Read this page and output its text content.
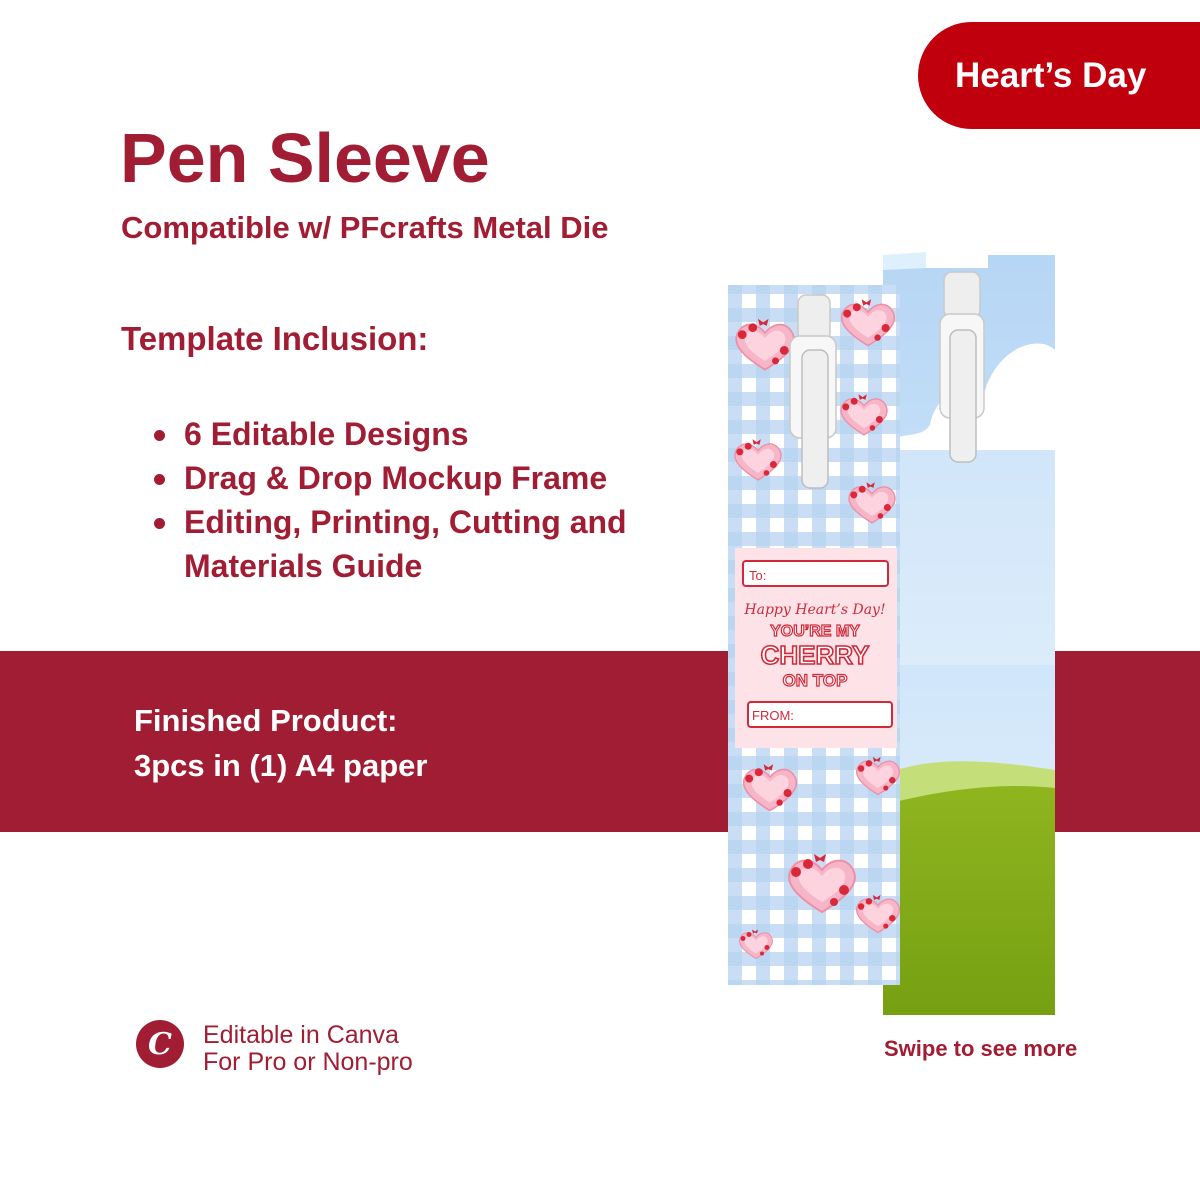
Heart’s Day
Pen Sleeve
Compatible w/ PFcrafts Metal Die
Template Inclusion:
6 Editable Designs
Drag & Drop Mockup Frame
Editing, Printing, Cutting and Materials Guide
Finished Product:
3pcs in (1) A4 paper
To:
Happy Heart’s Day!
YOU’RE MY
CHERRY
ON TOP
FROM:
C	Editable in Canva
For Pro or Non-pro	Swipe to see more
